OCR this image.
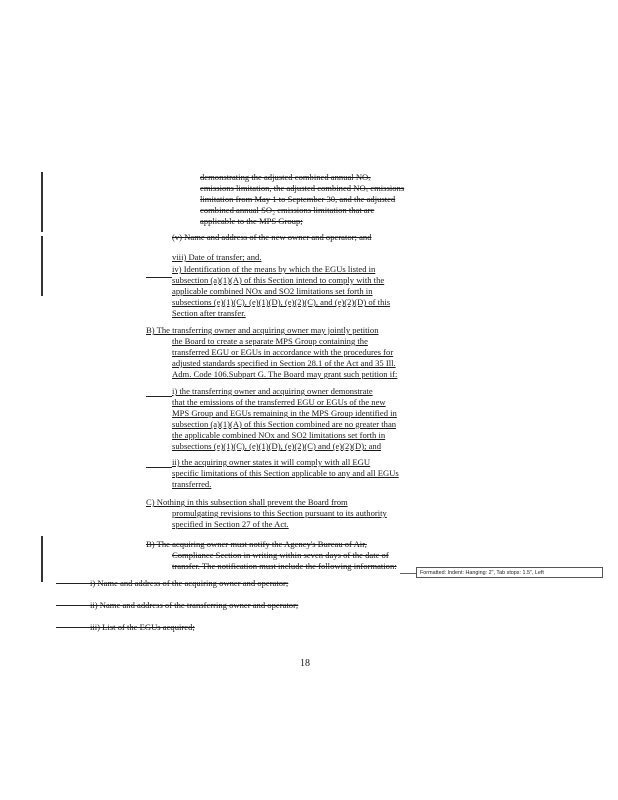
demonstrating the adjusted combined annual NOₓ
emissions limitation, the adjusted combined NOₓ emissions
limitation from May 1 to September 30, and the adjusted
combined annual SO₂ emissions limitation that are
applicable to the MPS Group;
(v) Name and address of the new owner and operator; and
viii) Date of transfer; and.
iv) Identification of the means by which the EGUs listed in
subsection (a)(1)(A) of this Section intend to comply with the
applicable combined NOx and SO2 limitations set forth in
subsections (e)(1)(C), (e)(1)(D), (e)(2)(C), and (e)(2)(D) of this
Section after transfer.
B) The transferring owner and acquiring owner may jointly petition
the Board to create a separate MPS Group containing the
transferred EGU or EGUs in accordance with the procedures for
adjusted standards specified in Section 28.1 of the Act and 35 Ill.
Adm. Code 106.Subpart G. The Board may grant such petition if:
i) the transferring owner and acquiring owner demonstrate
that the emissions of the transferred EGU or EGUs of the new
MPS Group and EGUs remaining in the MPS Group identified in
subsection (a)(1)(A) of this Section combined are no greater than
the applicable combined NOx and SO2 limitations set forth in
subsections (e)(1)(C), (e)(1)(D), (e)(2)(C) and (e)(2)(D); and
ii) the acquiring owner states it will comply with all EGU
specific limitations of this Section applicable to any and all EGUs
transferred.
C) Nothing in this subsection shall prevent the Board from
promulgating revisions to this Section pursuant to its authority
specified in Section 27 of the Act.
B) The acquiring owner must notify the Agency's Bureau of Air,
Compliance Section in writing within seven days of the date of
transfer. The notification must include the following information:
Formatted: Indent: Hanging: 2", Tab stops: 1.5", Left
i) Name and address of the acquiring owner and operator;
ii) Name and address of the transferring owner and operator;
iii) List of the EGUs acquired;
18
